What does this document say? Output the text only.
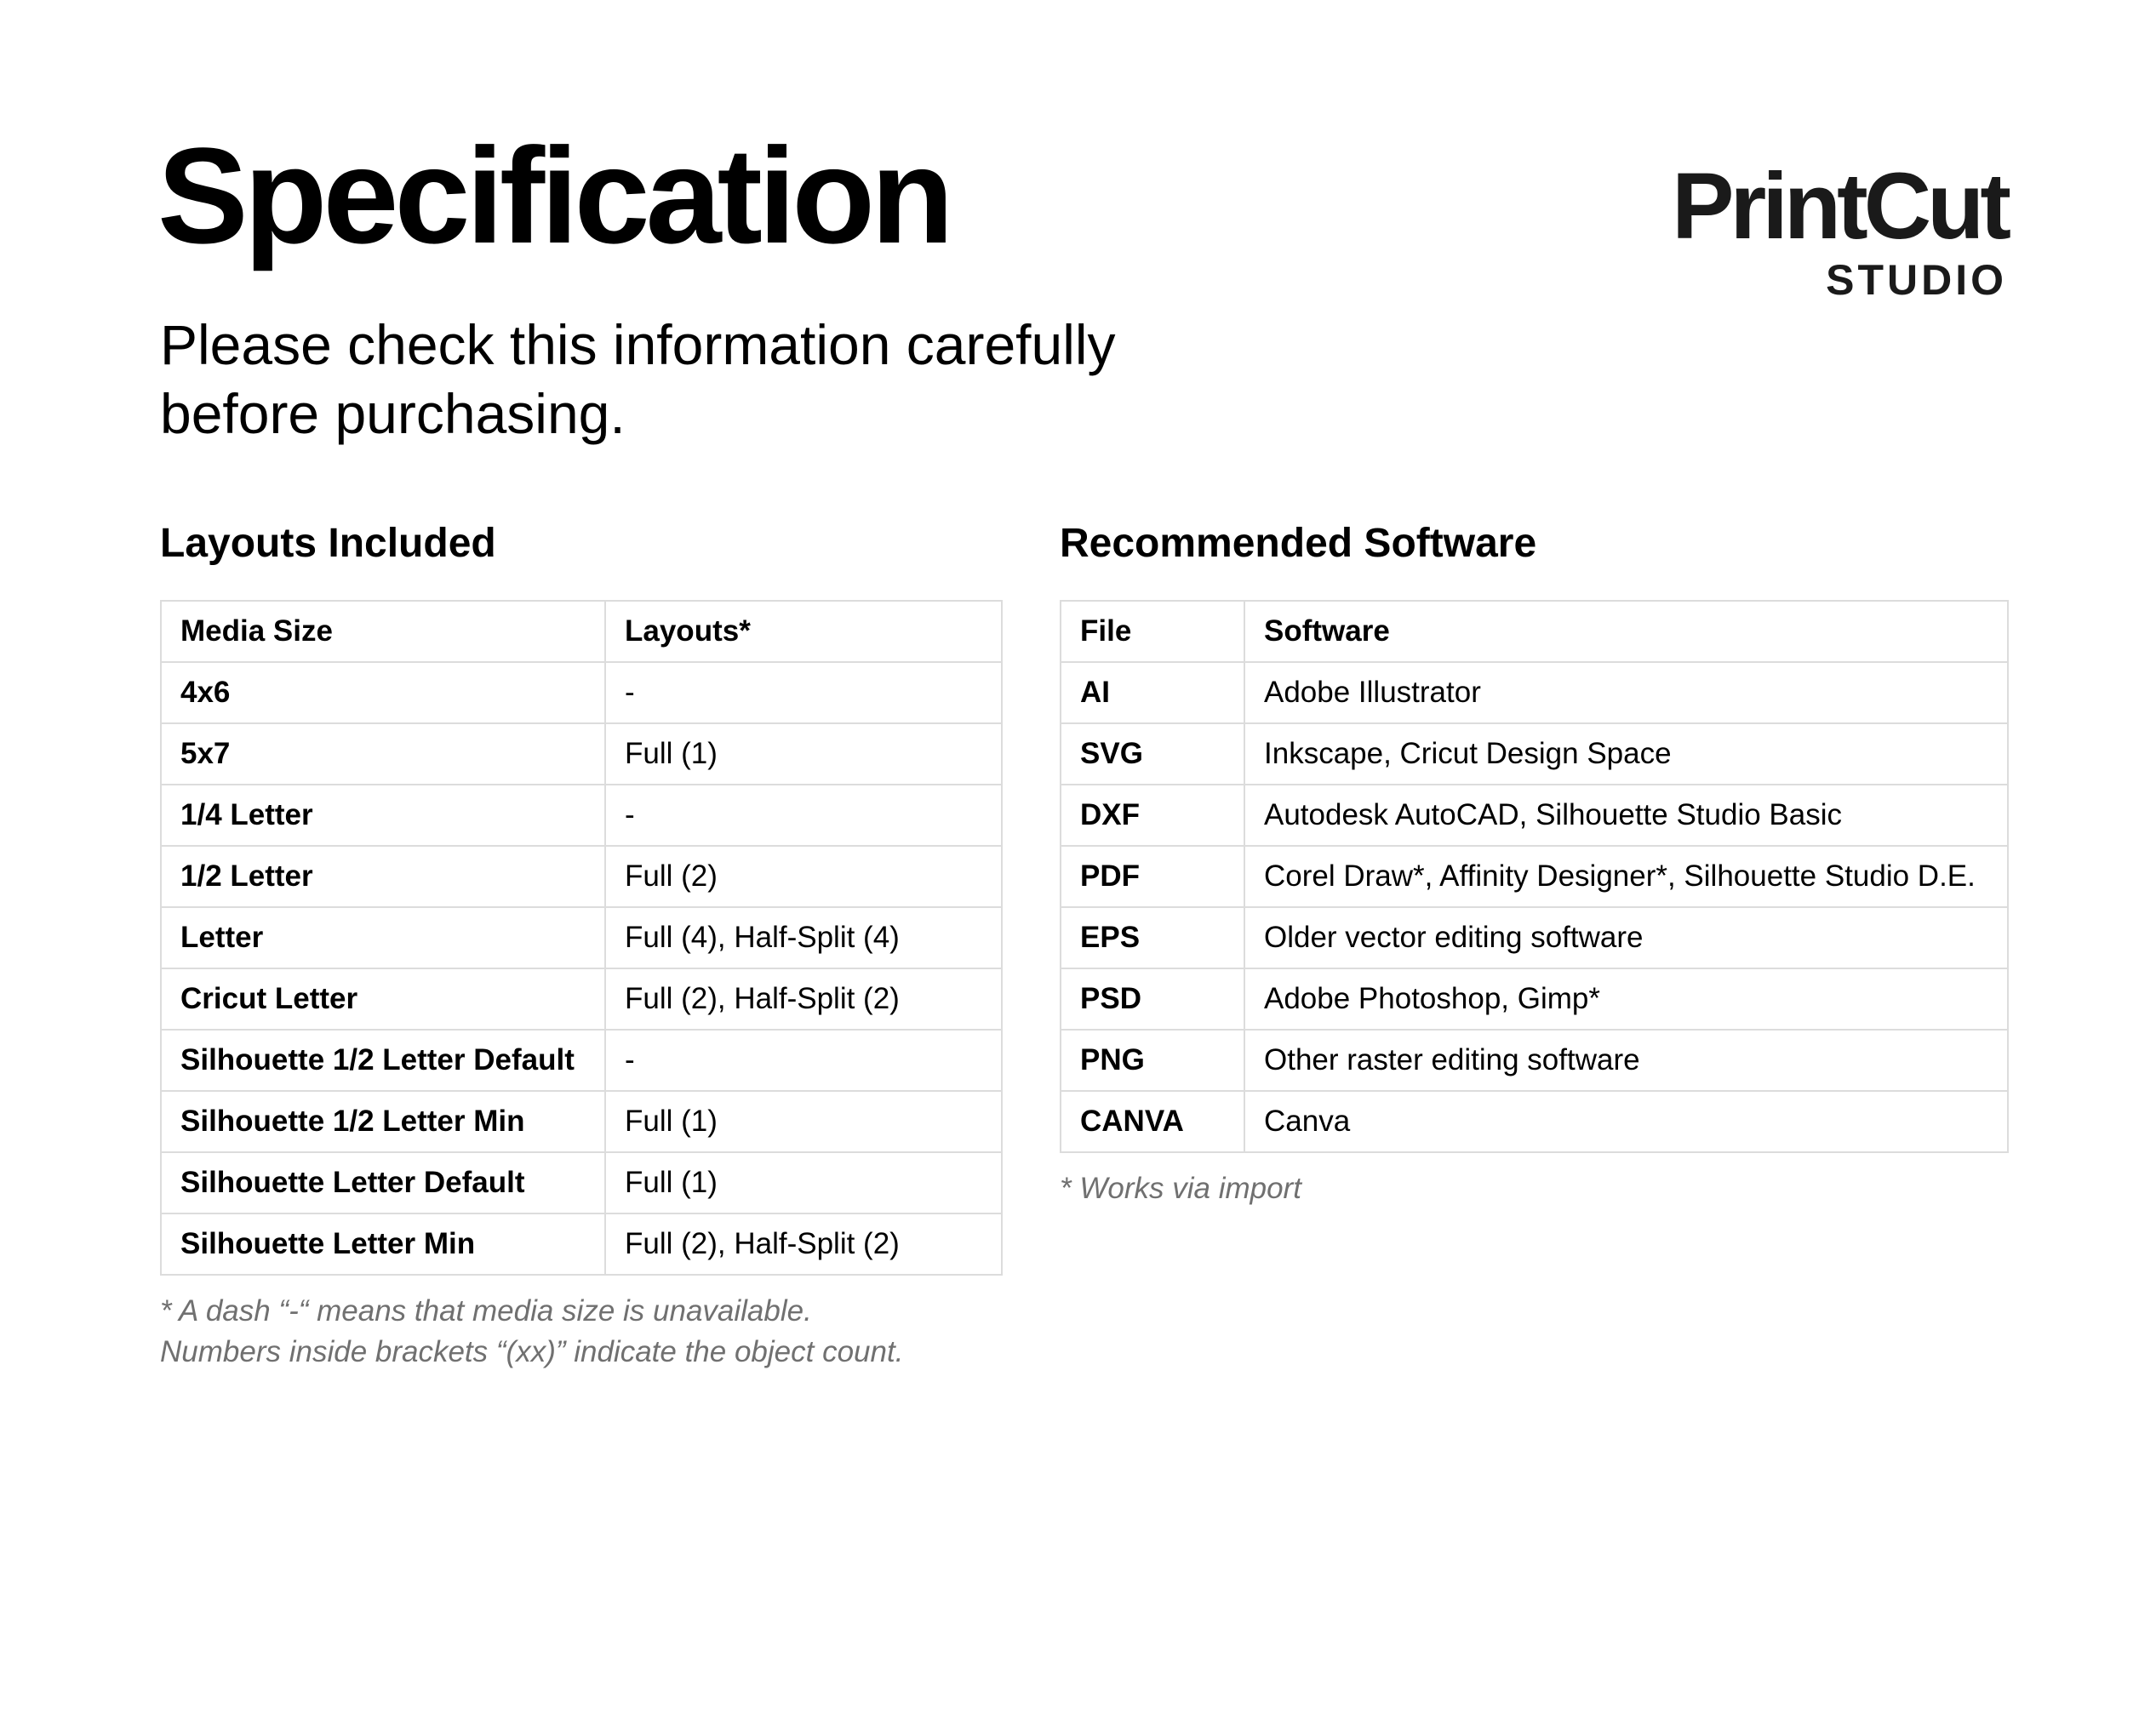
Specification

Please check this information carefully
before purchasing.

PrintCut
STUDIO
Layouts Included
Media Size	Layouts*
4x6	-
5x7	Full (1)
1/4 Letter	-
1/2 Letter	Full (2)
Letter	Full (4), Half-Split (4)
Cricut Letter	Full (2), Half-Split (2)
Silhouette 1/2 Letter Default	-
Silhouette 1/2 Letter Min	Full (1)
Silhouette Letter Default	Full (1)
Silhouette Letter Min	Full (2), Half-Split (2)

* A dash “-“ means that media size is unavailable.
Numbers inside brackets “(xx)” indicate the object count.

Recommended Software
File	Software
AI	Adobe Illustrator
SVG	Inkscape, Cricut Design Space
DXF	Autodesk AutoCAD, Silhouette Studio Basic
PDF	Corel Draw*, Affinity Designer*, Silhouette Studio D.E.
EPS	Older vector editing software
PSD	Adobe Photoshop, Gimp*
PNG	Other raster editing software
CANVA	Canva

* Works via import
